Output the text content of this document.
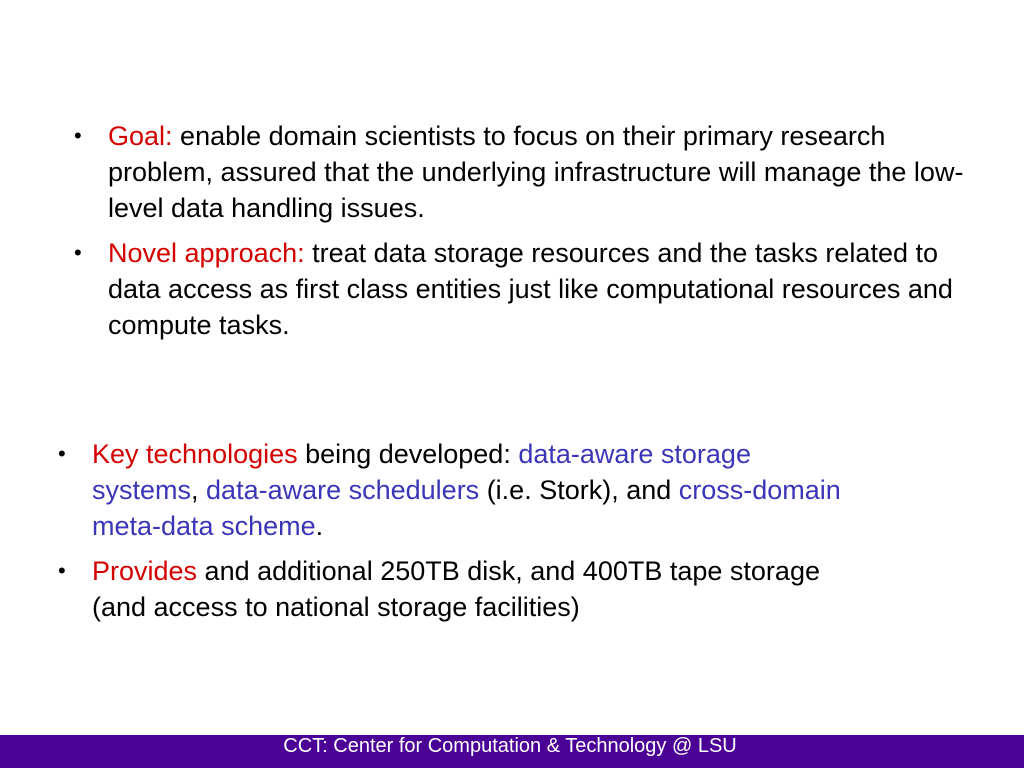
• Goal: enable domain scientists to focus on their primary research problem, assured that the underlying infrastructure will manage the low-level data handling issues.
• Novel approach: treat data storage resources and the tasks related to data access as first class entities just like computational resources and compute tasks.
• Key technologies being developed: data-aware storage
systems, data-aware schedulers (i.e. Stork), and cross-domain
meta-data scheme.
• Provides and additional 250TB disk, and 400TB tape storage
(and access to national storage facilities)
CCT: Center for Computation & Technology @ LSU
